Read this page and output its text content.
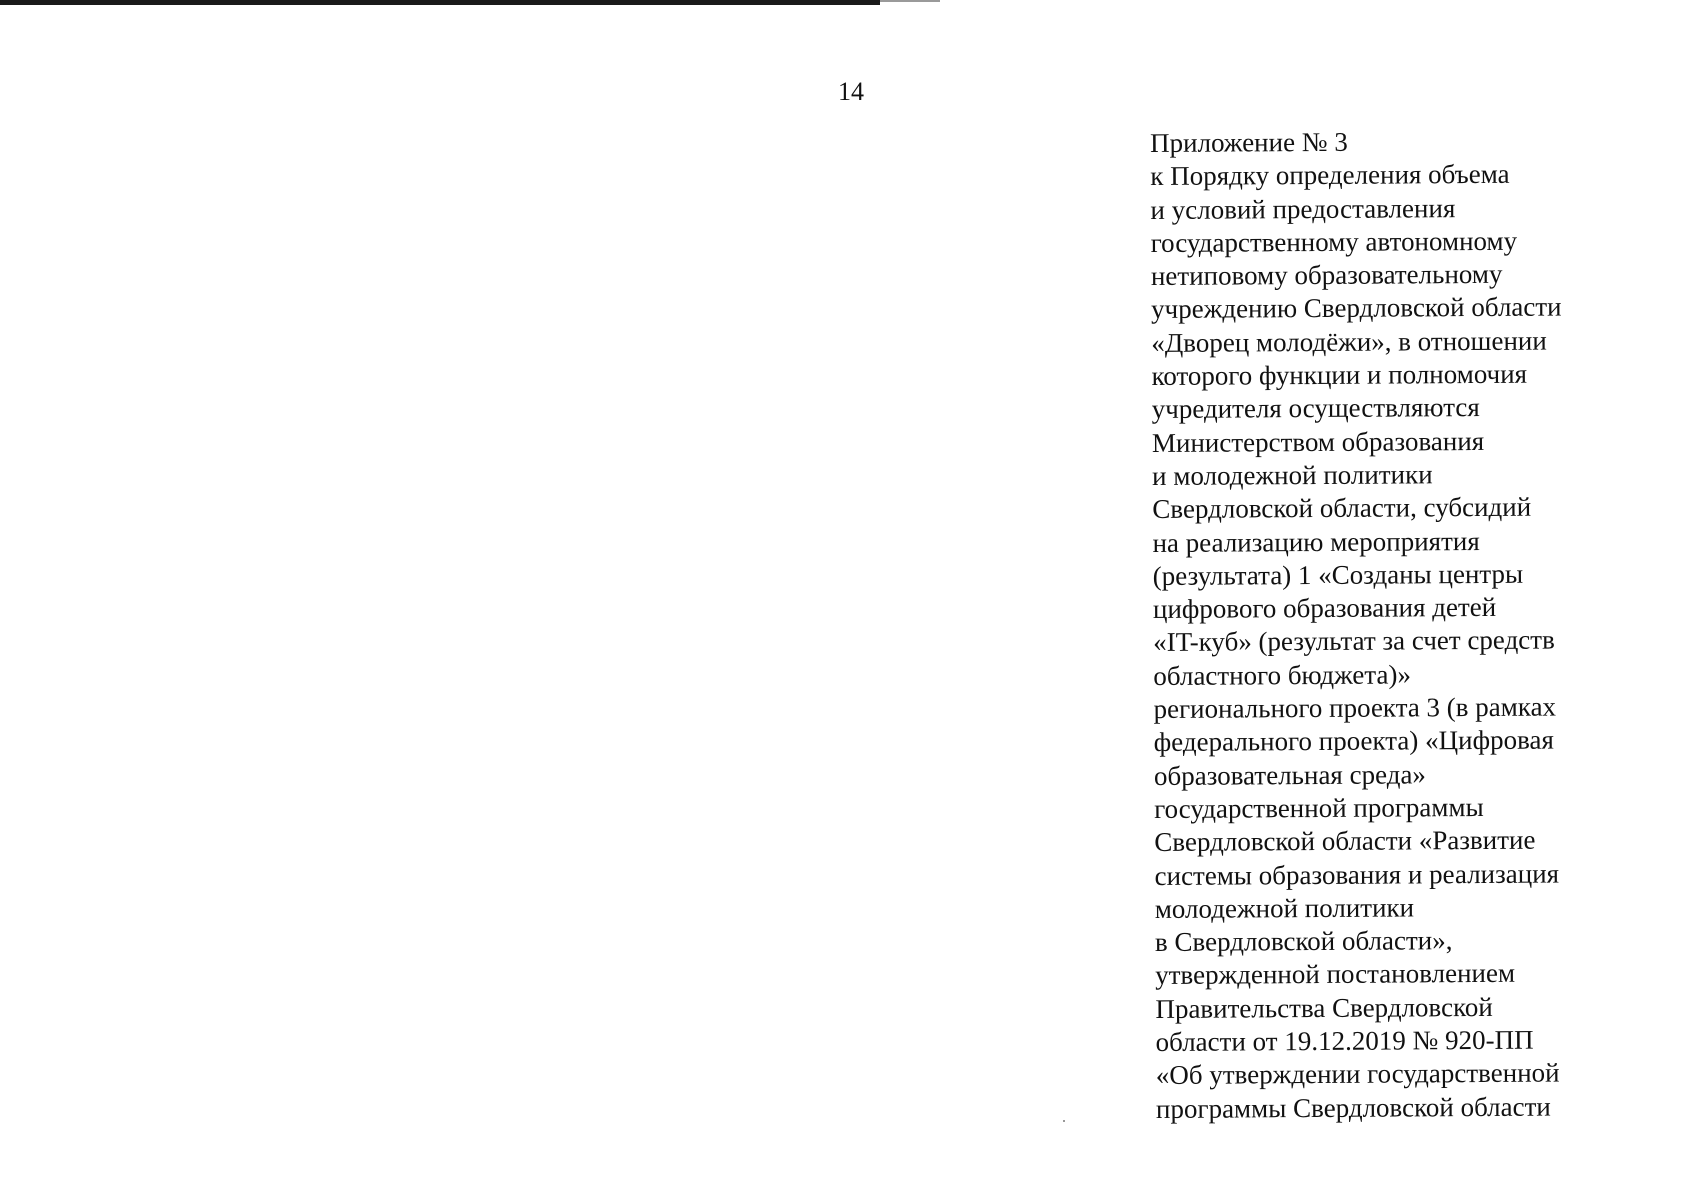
14
Приложение № 3
к Порядку определения объема
и условий предоставления
государственному автономному
нетиповому образовательному
учреждению Свердловской области
«Дворец молодёжи», в отношении
которого функции и полномочия
учредителя осуществляются
Министерством образования
и молодежной политики
Свердловской области, субсидий
на реализацию мероприятия
(результата) 1 «Созданы центры
цифрового образования детей
«IT-куб» (результат за счет средств
областного бюджета)»
регионального проекта 3 (в рамках
федерального проекта) «Цифровая
образовательная среда»
государственной программы
Свердловской области «Развитие
системы образования и реализация
молодежной политики
в Свердловской области»,
утвержденной постановлением
Правительства Свердловской
области от 19.12.2019 № 920-ПП
«Об утверждении государственной
программы Свердловской области
